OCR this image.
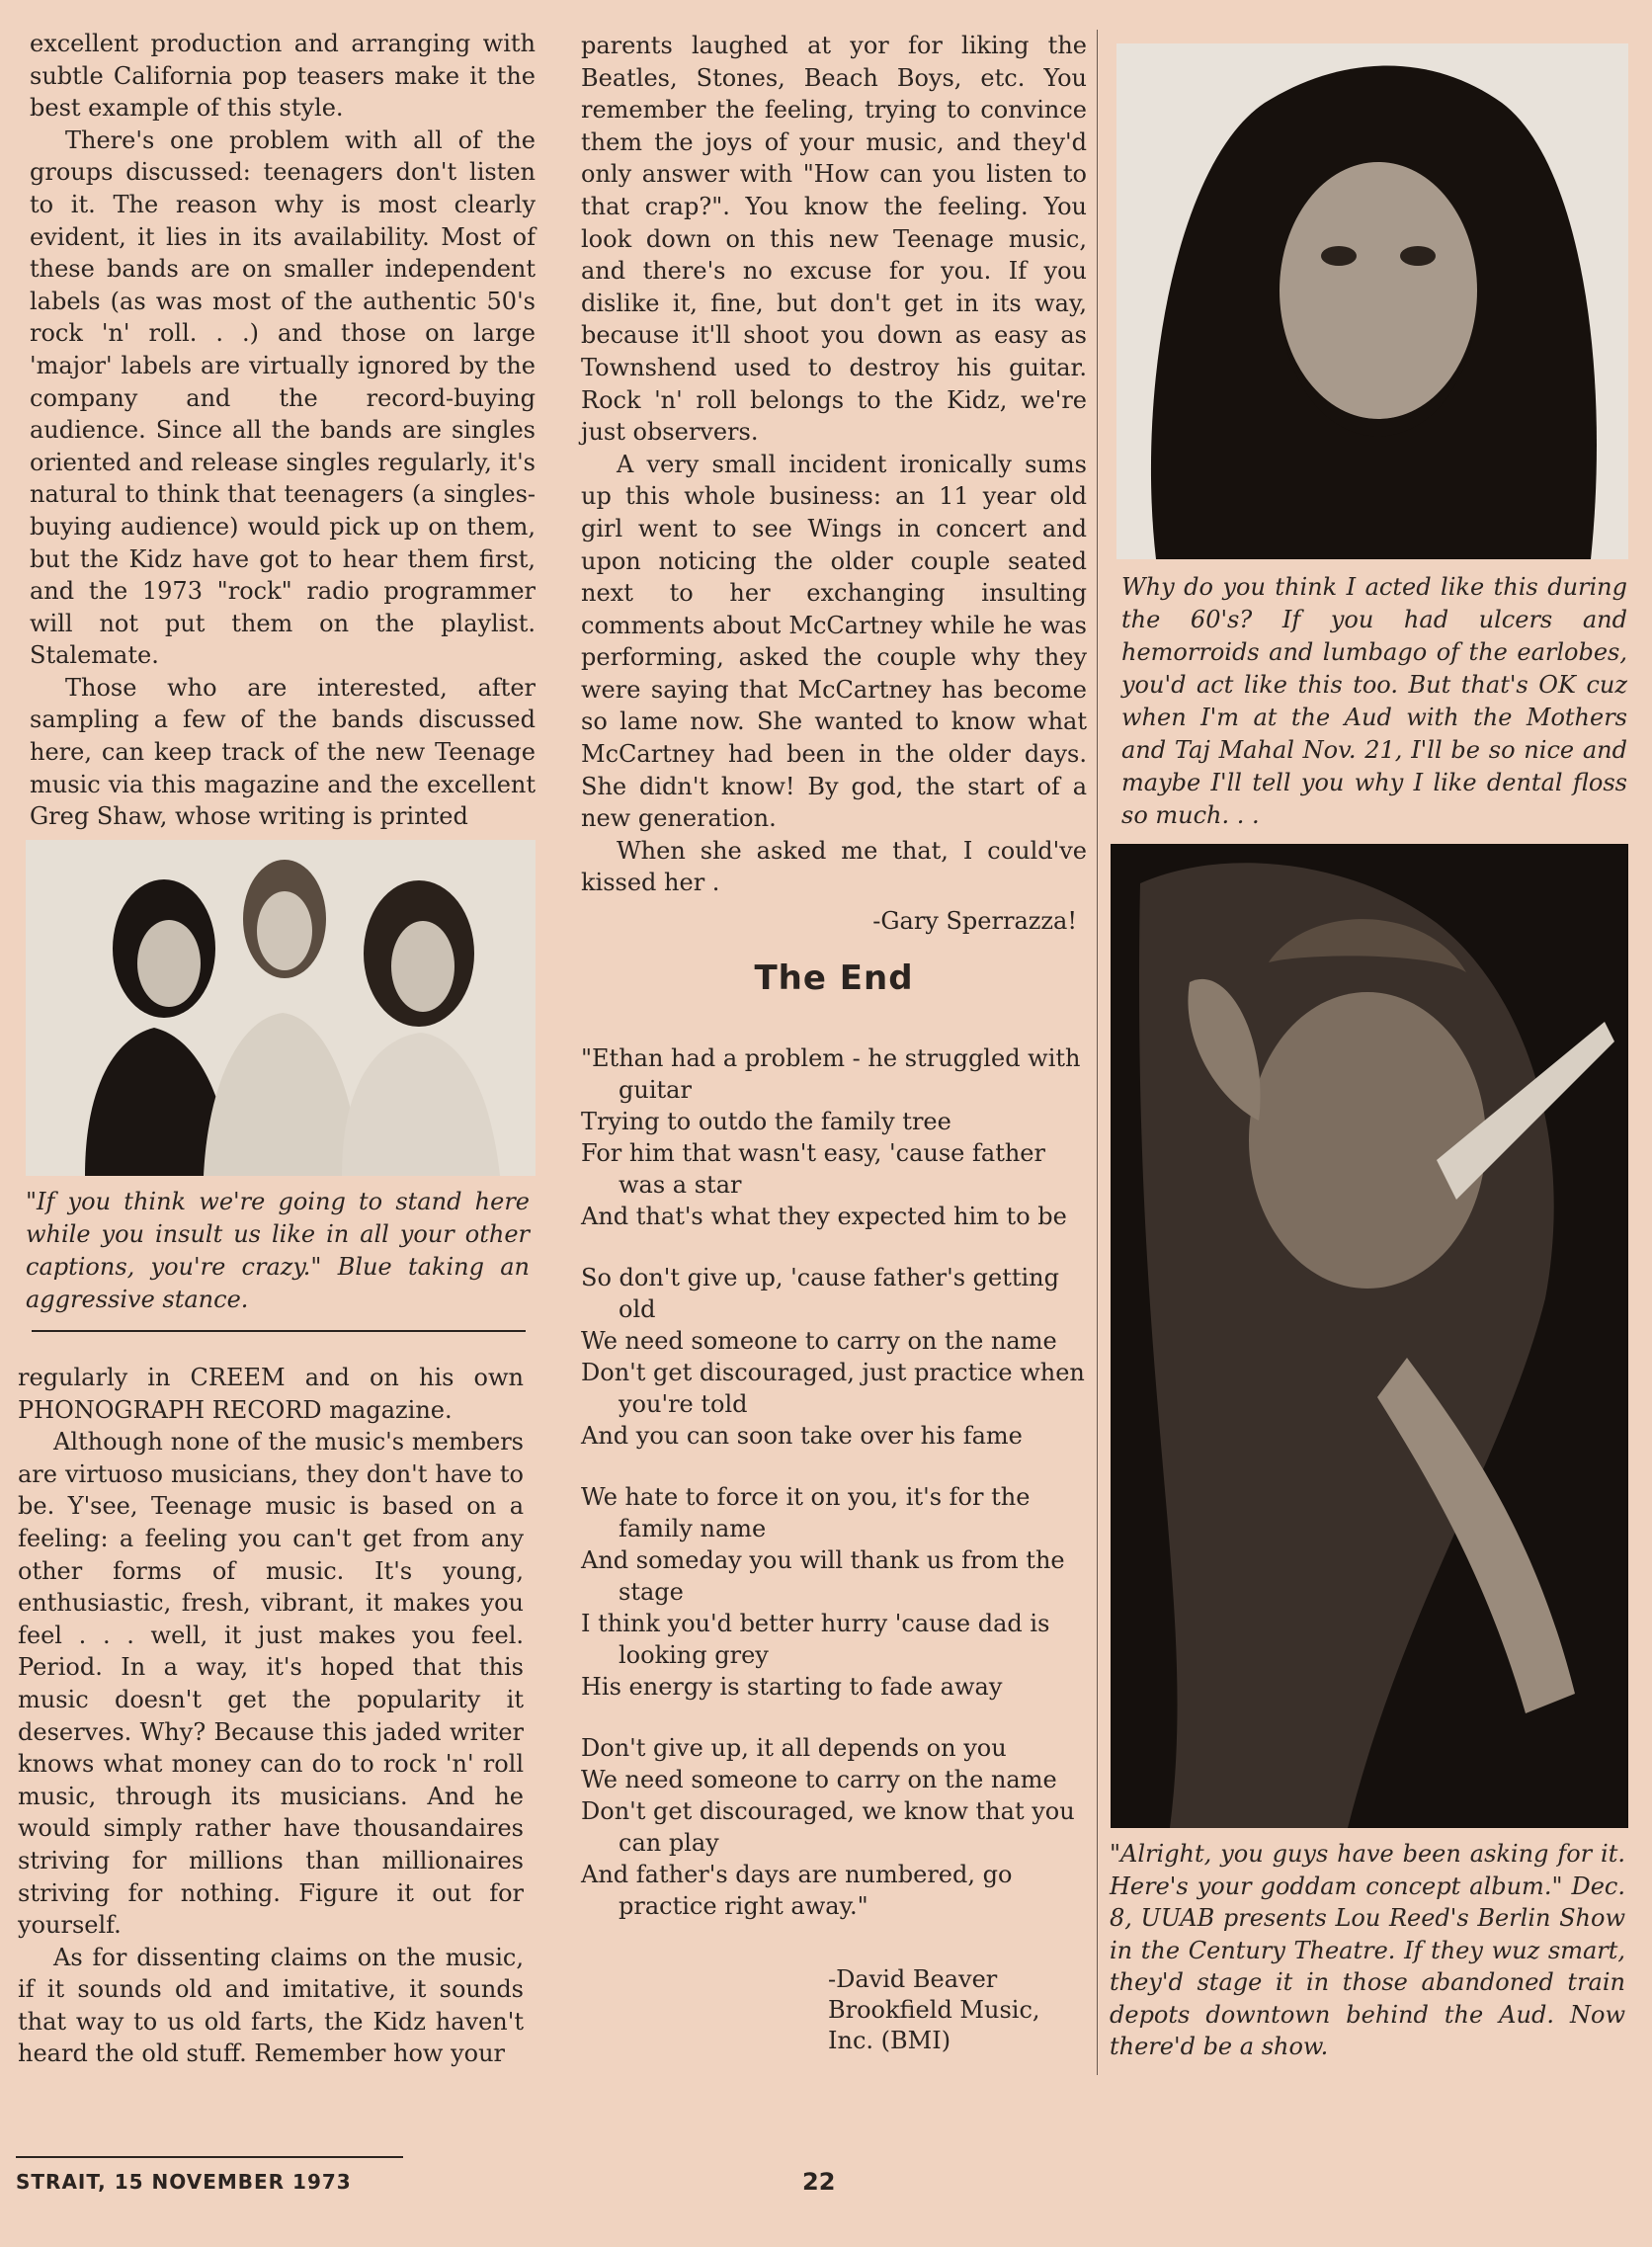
excellent production and arranging with subtle California pop teasers make it the best example of this style.

There's one problem with all of the groups discussed: teenagers don't listen to it. The reason why is most clearly evident, it lies in its availability. Most of these bands are on smaller independent labels (as was most of the authentic 50's rock 'n' roll. . .) and those on large 'major' labels are virtually ignored by the company and the record-buying audience. Since all the bands are singles oriented and release singles regularly, it's natural to think that teenagers (a singles-buying audience) would pick up on them, but the Kidz have got to hear them first, and the 1973 "rock" radio programmer will not put them on the playlist. Stalemate.

Those who are interested, after sampling a few of the bands discussed here, can keep track of the new Teenage music via this magazine and the excellent Greg Shaw, whose writing is printed

"If you think we're going to stand here while you insult us like in all your other captions, you're crazy." Blue taking an aggressive stance.

regularly in CREEM and on his own PHONOGRAPH RECORD magazine.

Although none of the music's members are virtuoso musicians, they don't have to be. Y'see, Teenage music is based on a feeling: a feeling you can't get from any other forms of music. It's young, enthusiastic, fresh, vibrant, it makes you feel . . . well, it just makes you feel. Period. In a way, it's hoped that this music doesn't get the popularity it deserves. Why? Because this jaded writer knows what money can do to rock 'n' roll music, through its musicians. And he would simply rather have thousandaires striving for millions than millionaires striving for nothing. Figure it out for yourself.

As for dissenting claims on the music, if it sounds old and imitative, it sounds that way to us old farts, the Kidz haven't heard the old stuff. Remember how your

parents laughed at yor for liking the Beatles, Stones, Beach Boys, etc. You remember the feeling, trying to convince them the joys of your music, and they'd only answer with "How can you listen to that crap?". You know the feeling. You look down on this new Teenage music, and there's no excuse for you. If you dislike it, fine, but don't get in its way, because it'll shoot you down as easy as Townshend used to destroy his guitar. Rock 'n' roll belongs to the Kidz, we're just observers.

A very small incident ironically sums up this whole business: an 11 year old girl went to see Wings in concert and upon noticing the older couple seated next to her exchanging insulting comments about McCartney while he was performing, asked the couple why they were saying that McCartney has become so lame now. She wanted to know what McCartney had been in the older days. She didn't know! By god, the start of a new generation.

When she asked me that, I could've kissed her .

-Gary Sperrazza!

The End
"Ethan had a problem - he struggled with
guitar
Trying to outdo the family tree
For him that wasn't easy, 'cause father
was a star
And that's what they expected him to be
So don't give up, 'cause father's getting
old
We need someone to carry on the name
Don't get discouraged, just practice when
you're told
And you can soon take over his fame
We hate to force it on you, it's for the
family name
And someday you will thank us from the
stage
I think you'd better hurry 'cause dad is
looking grey
His energy is starting to fade away
Don't give up, it all depends on you
We need someone to carry on the name
Don't get discouraged, we know that you
can play
And father's days are numbered, go
practice right away."
-David Beaver
Brookfield Music,
Inc. (BMI)
Why do you think I acted like this during the 60's? If you had ulcers and hemorroids and lumbago of the earlobes, you'd act like this too. But that's OK cuz when I'm at the Aud with the Mothers and Taj Mahal Nov. 21, I'll be so nice and maybe I'll tell you why I like dental floss so much. . .
"Alright, you guys have been asking for it. Here's your goddam concept album." Dec. 8, UUAB presents Lou Reed's Berlin Show in the Century Theatre. If they wuz smart, they'd stage it in those abandoned train depots downtown behind the Aud. Now there'd be a show.
STRAIT, 15 NOVEMBER 1973	22
